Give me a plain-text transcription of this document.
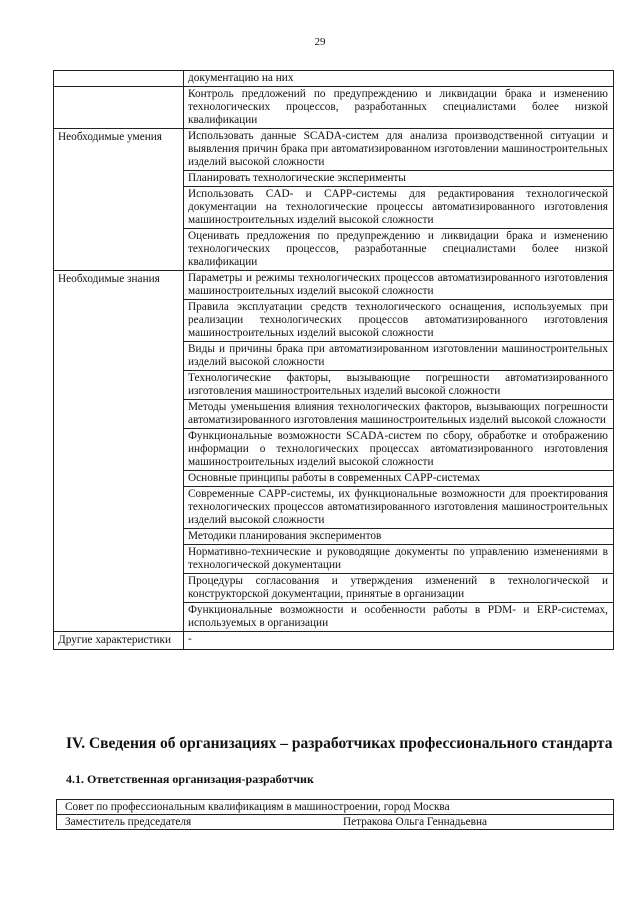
29
	документацию на них
	Контроль предложений по предупреждению и ликвидации брака и изменению технологических процессов, разработанных специалистами более низкой квалификации
Необходимые умения	Использовать данные SCADA-систем для анализа производственной ситуации и выявления причин брака при автоматизированном изготовлении машиностроительных изделий высокой сложности
	Планировать технологические эксперименты
	Использовать CAD- и CAPP-системы для редактирования технологической документации на технологические процессы автоматизированного изготовления машиностроительных изделий высокой сложности
	Оценивать предложения по предупреждению и ликвидации брака и изменению технологических процессов, разработанные специалистами более низкой квалификации
Необходимые знания	Параметры и режимы технологических процессов автоматизированного изготовления машиностроительных изделий высокой сложности
	Правила эксплуатации средств технологического оснащения, используемых при реализации технологических процессов автоматизированного изготовления машиностроительных изделий высокой сложности
	Виды и причины брака при автоматизированном изготовлении машиностроительных изделий высокой сложности
	Технологические факторы, вызывающие погрешности автоматизированного изготовления машиностроительных изделий высокой сложности
	Методы уменьшения влияния технологических факторов, вызывающих погрешности автоматизированного изготовления машиностроительных изделий высокой сложности
	Функциональные возможности SCADA-систем по сбору, обработке и отображению информации о технологических процессах автоматизированного изготовления машиностроительных изделий высокой сложности
	Основные принципы работы в современных CAPP-системах
	Современные CAPP-системы, их функциональные возможности для проектирования технологических процессов автоматизированного изготовления машиностроительных изделий высокой сложности
	Методики планирования экспериментов
	Нормативно-технические и руководящие документы по управлению изменениями в технологической документации
	Процедуры согласования и утверждения изменений в технологической и конструкторской документации, принятые в организации
	Функциональные возможности и особенности работы в PDM- и ERP-системах, используемых в организации
Другие характеристики	-
IV. Сведения об организациях – разработчиках профессионального стандарта
4.1. Ответственная организация-разработчик
Совет по профессиональным квалификациям в машиностроении, город Москва
Заместитель председателя	Петракова Ольга Геннадьевна
